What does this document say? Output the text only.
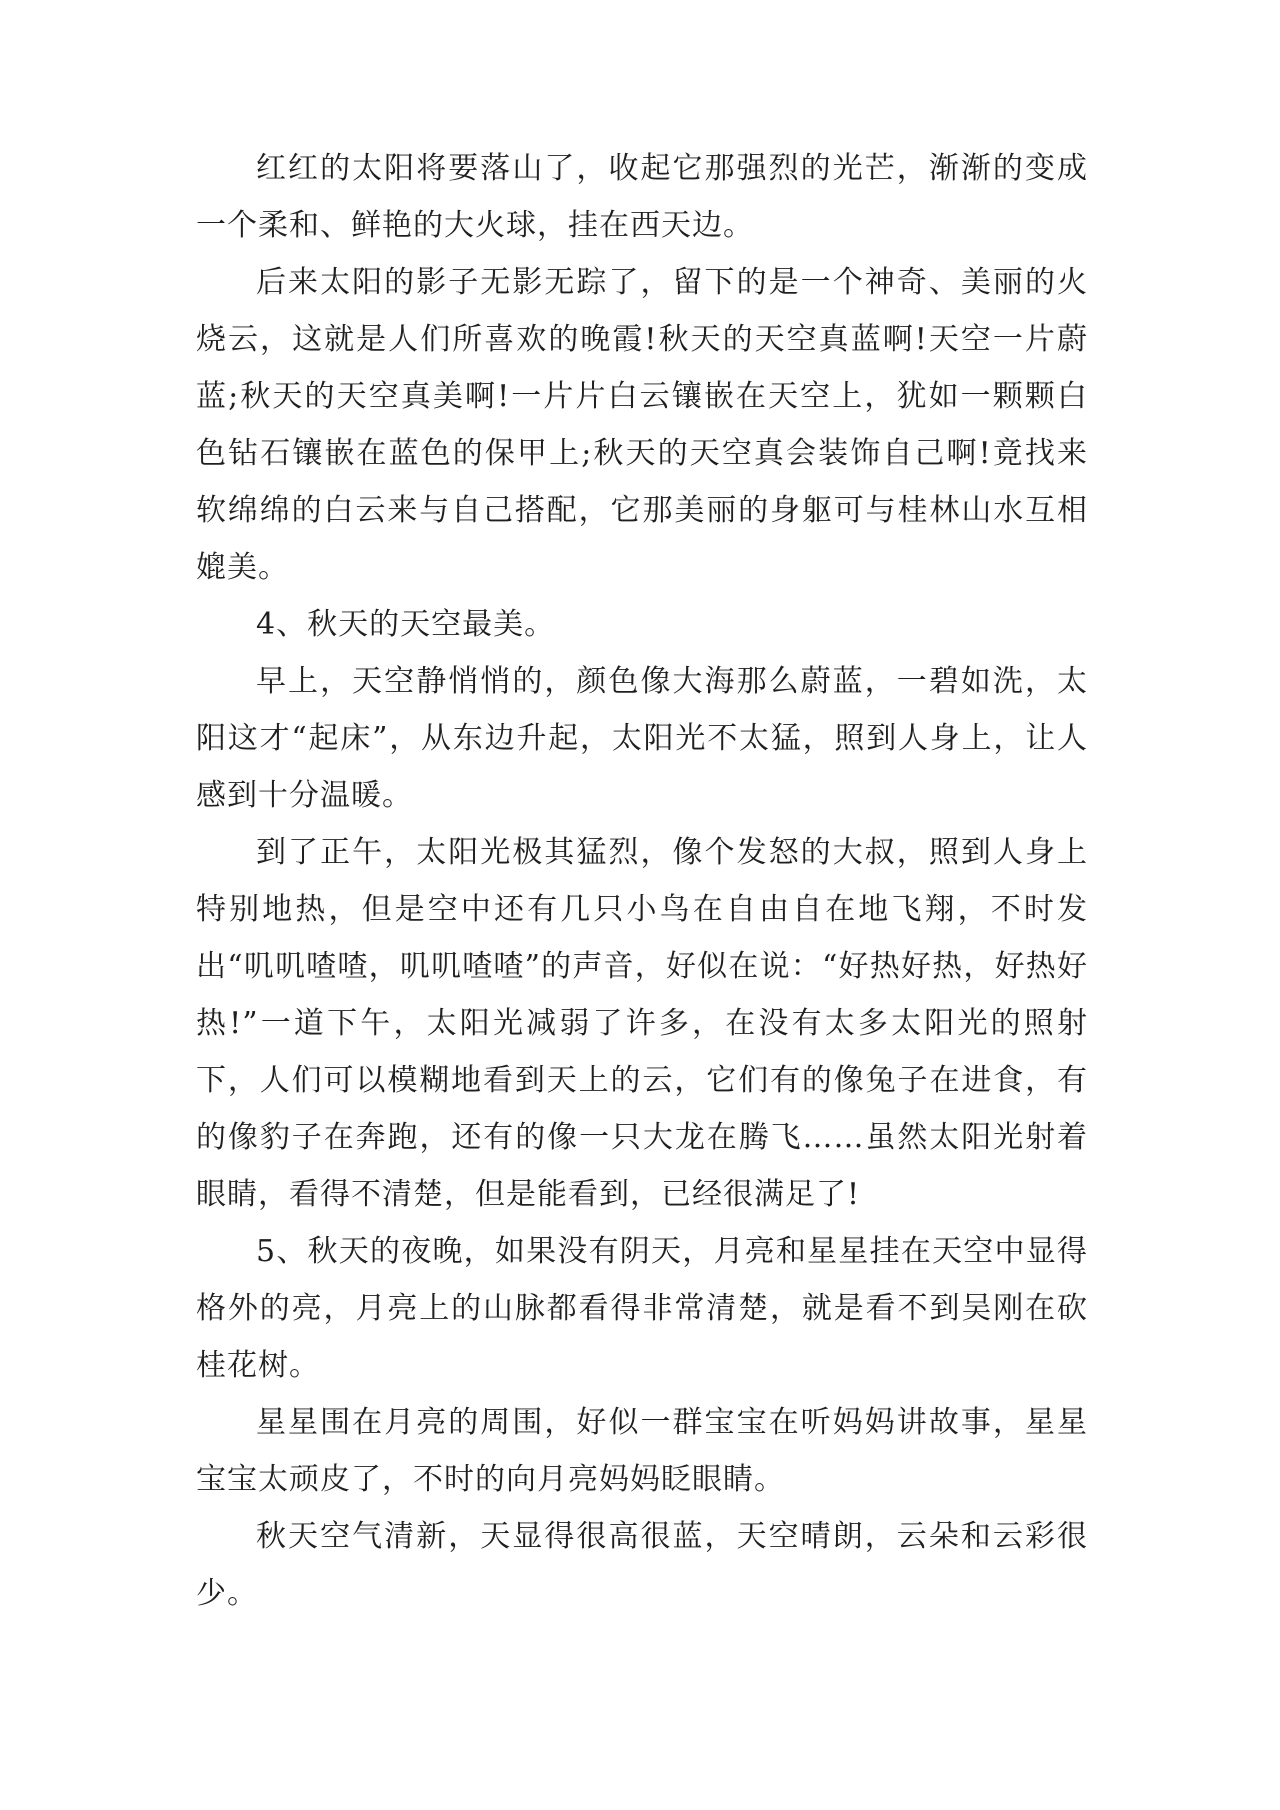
红红的太阳将要落山了，收起它那强烈的光芒，渐渐的变成一个柔和、鲜艳的大火球，挂在西天边。

后来太阳的影子无影无踪了，留下的是一个神奇、美丽的火烧云，这就是人们所喜欢的晚霞!秋天的天空真蓝啊!天空一片蔚蓝;秋天的天空真美啊!一片片白云镶嵌在天空上，犹如一颗颗白色钻石镶嵌在蓝色的保甲上;秋天的天空真会装饰自己啊!竟找来软绵绵的白云来与自己搭配，它那美丽的身躯可与桂林山水互相媲美。

4、秋天的天空最美。

早上，天空静悄悄的，颜色像大海那么蔚蓝，一碧如洗，太阳这才“起床”，从东边升起，太阳光不太猛，照到人身上，让人感到十分温暖。

到了正午，太阳光极其猛烈，像个发怒的大叔，照到人身上特别地热，但是空中还有几只小鸟在自由自在地飞翔，不时发出“叽叽喳喳，叽叽喳喳”的声音，好似在说：“好热好热，好热好热!”一道下午，太阳光减弱了许多，在没有太多太阳光的照射下，人们可以模糊地看到天上的云，它们有的像兔子在进食，有的像豹子在奔跑，还有的像一只大龙在腾飞……虽然太阳光射着眼睛，看得不清楚，但是能看到，已经很满足了!

5、秋天的夜晚，如果没有阴天，月亮和星星挂在天空中显得格外的亮，月亮上的山脉都看得非常清楚，就是看不到吴刚在砍桂花树。

星星围在月亮的周围，好似一群宝宝在听妈妈讲故事，星星宝宝太顽皮了，不时的向月亮妈妈眨眼睛。

秋天空气清新，天显得很高很蓝，天空晴朗，云朵和云彩很少。
